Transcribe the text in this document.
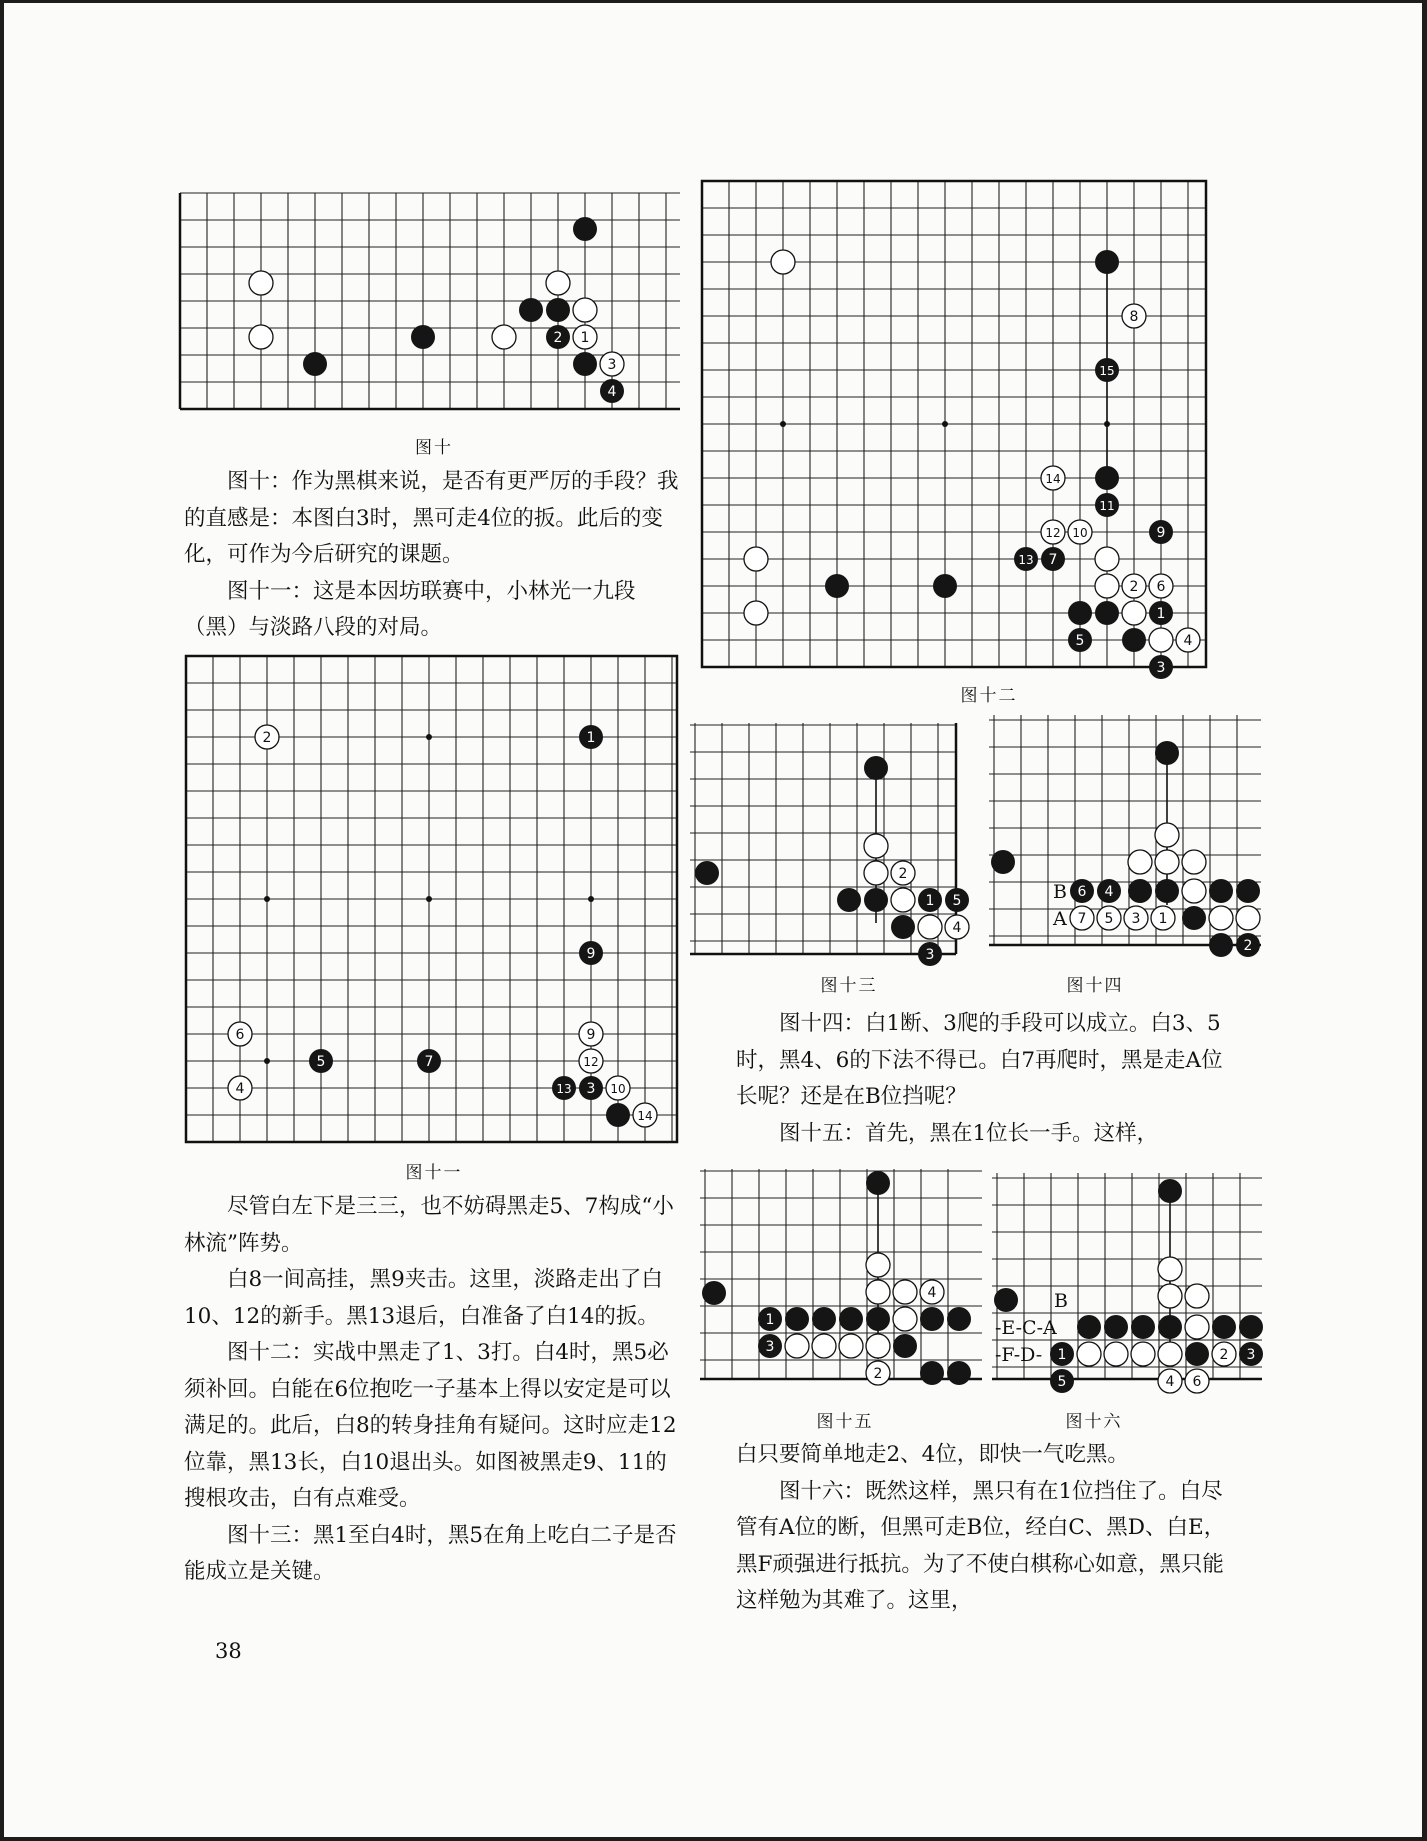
2 1
3
4
图十

图十：作为黑棋来说，是否有更严厉的手段？我的直感是：本图白3时，黑可走4位的扳。此后的变化，可作为今后研究的课题。

图十一：这是本因坊联赛中，小林光一九段（黑）与淡路八段的对局。

2	1
9
6
4
5	7
9
12
13 3 10
14
图十一

尽管白左下是三三，也不妨碍黑走5、7构成“小林流”阵势。

白8一间高挂，黑9夹击。这里，淡路走出了白10、12的新手。黑13退后，白准备了白14的扳。

图十二：实战中黑走了1、3打。白4时，黑5必须补回。白能在6位抱吃一子基本上得以安定是可以满足的。此后，白8的转身挂角有疑问。这时应走12位靠，黑13长，白10退出头。如图被黑走9、11的搜根攻击，白有点难受。

图十三：黑1至白4时，黑5在角上吃白二子是否能成立是关键。

38
8
15
14
11
12 10	9
13 7
2 6
1
5	4
3
图十二
2
1 5
4
3
图十三
6 4
7 5 3 1
2
B
A
图十四

图十四：白1断、3爬的手段可以成立。白3、5时，黑4、6的下法不得已。白7再爬时，黑是走A位长呢？还是在B位挡呢？

图十五：首先，黑在1位长一手。这样，

4
1
3
2
图十五
1	2 3
5	4 6
B
-E-C-A
-F-D-
图十六

白只要简单地走2、4位，即快一气吃黑。

图十六：既然这样，黑只有在1位挡住了。白尽管有A位的断，但黑可走B位，经白C、黑D、白E，黑F顽强进行抵抗。为了不使白棋称心如意，黑只能这样勉为其难了。这里，
